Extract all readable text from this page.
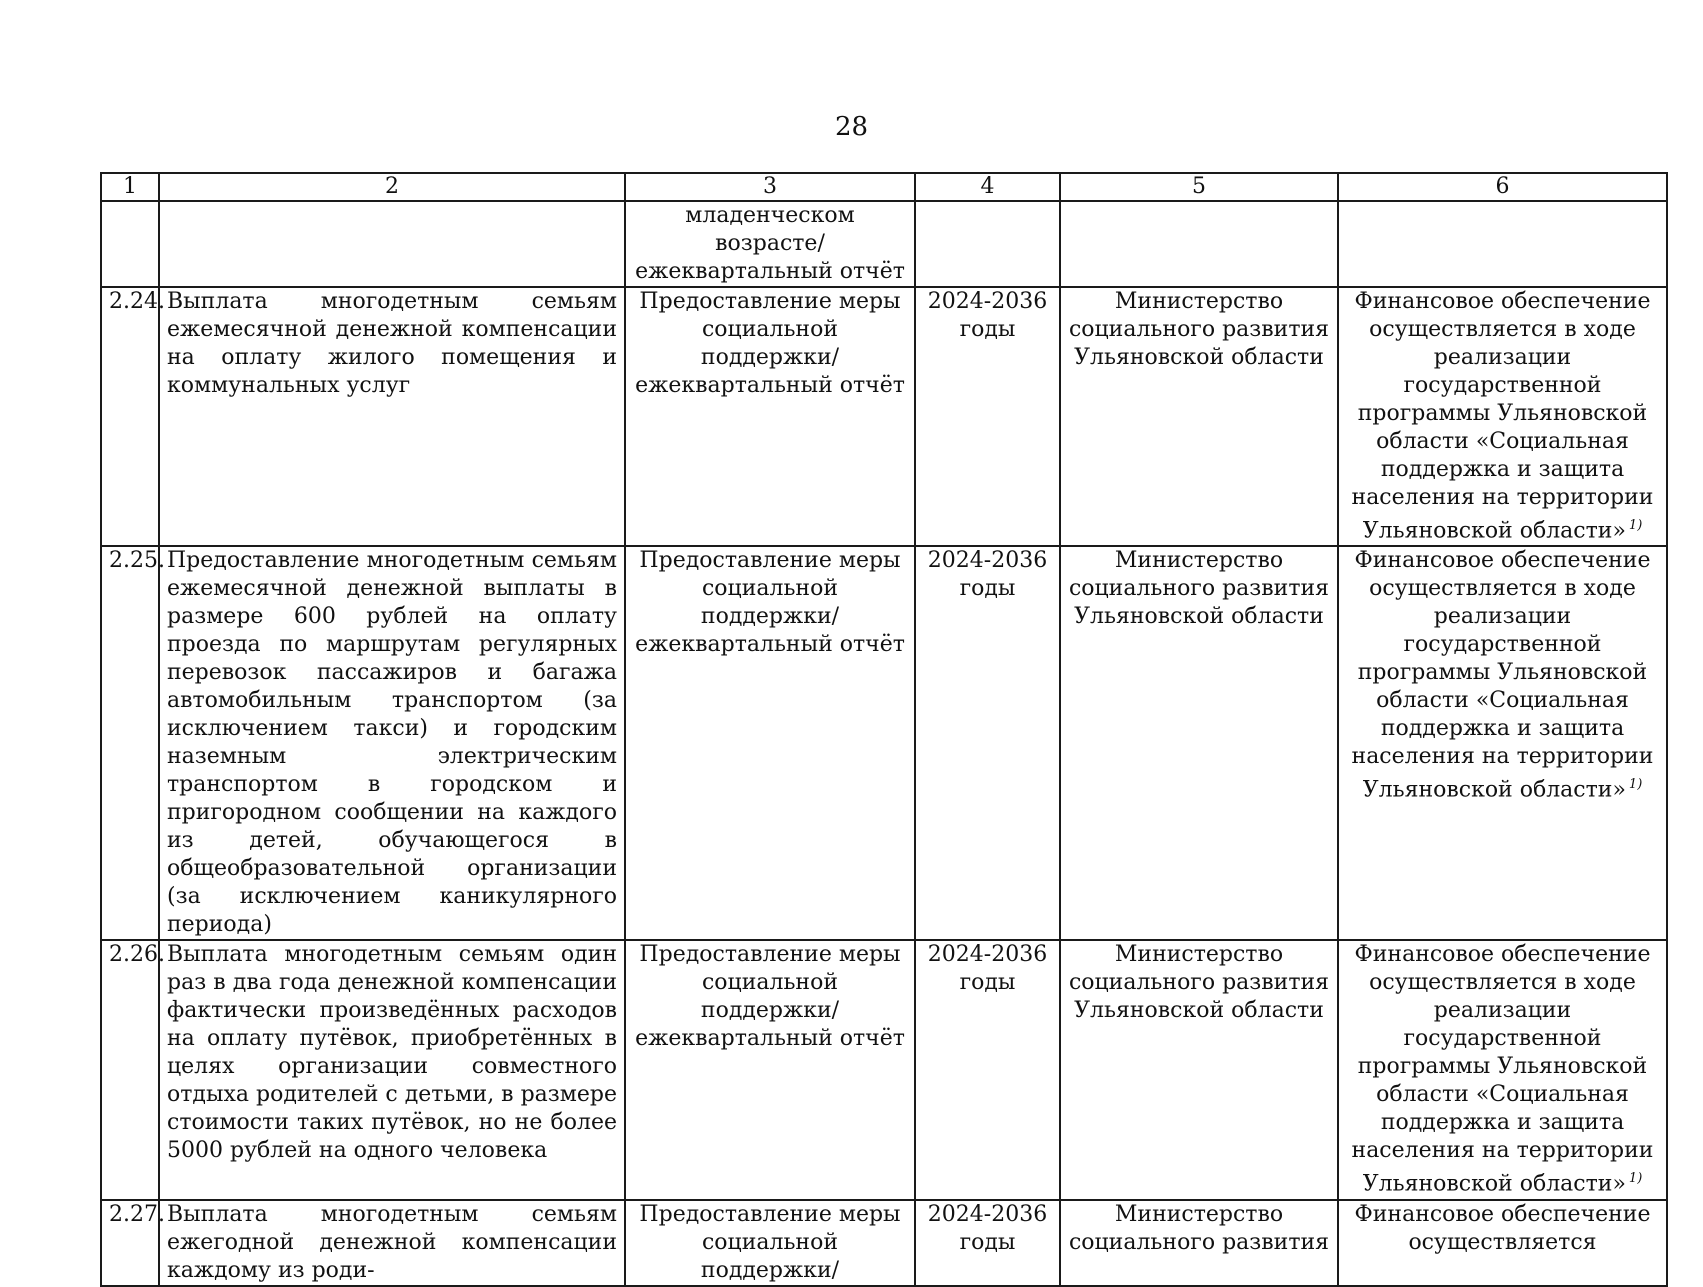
28
1	2	3	4	5	6
		младенческом возрасте/ ежеквартальный отчёт			
2.24.	Выплата многодетным семьям ежемесячной денежной компенсации на оплату жилого помещения и коммунальных услуг	Предоставление меры социальной поддержки/ ежеквартальный отчёт	2024-2036 годы	Министерство социального развития Ульяновской области	Финансовое обеспечение осуществляется в ходе реализации государственной программы Ульяновской области «Социальная поддержка и защита населения на территории Ульяновской области» $^{1)}$
2.25.	Предоставление многодетным семьям ежемесячной денежной выплаты в размере 600 рублей на оплату проезда по маршрутам регулярных перевозок пассажиров и багажа автомобильным транспортом (за исключением такси) и городским наземным электрическим транспортом в городском и пригородном сообщении на каждого из детей, обучающегося в общеобразовательной организации (за исключением каникулярного периода)	Предоставление меры социальной поддержки/ ежеквартальный отчёт	2024-2036 годы	Министерство социального развития Ульяновской области	Финансовое обеспечение осуществляется в ходе реализации государственной программы Ульяновской области «Социальная поддержка и защита населения на территории Ульяновской области» $^{1)}$
2.26.	Выплата многодетным семьям один раз в два года денежной компенсации фактически произведённых расходов на оплату путёвок, приобретённых в целях организации совместного отдыха родителей с детьми, в размере стоимости таких путёвок, но не более 5000 рублей на одного человека	Предоставление меры социальной поддержки/ ежеквартальный отчёт	2024-2036 годы	Министерство социального развития Ульяновской области	Финансовое обеспечение осуществляется в ходе реализации государственной программы Ульяновской области «Социальная поддержка и защита населения на территории Ульяновской области» $^{1)}$
2.27.	Выплата многодетным семьям ежегодной денежной компенсации каждому из роди-	Предоставление меры социальной поддержки/	2024-2036 годы	Министерство социального развития	Финансовое обеспечение осуществляется
